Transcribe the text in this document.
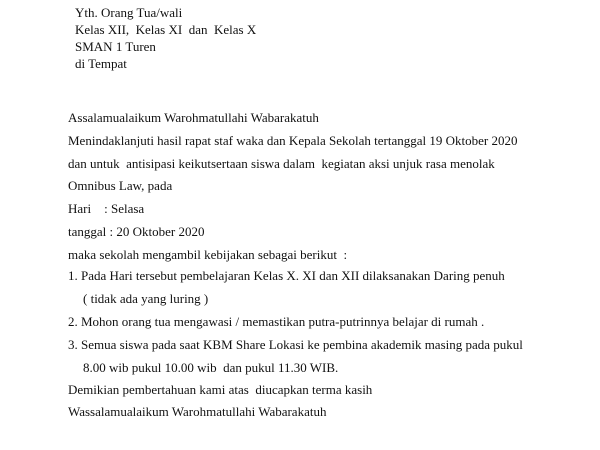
Yth. Orang Tua/wali
Kelas XII,  Kelas XI  dan  Kelas X
SMAN 1 Turen
di Tempat
Assalamualaikum Warohmatullahi Wabarakatuh
Menindaklanjuti hasil rapat staf waka dan Kepala Sekolah tertanggal 19 Oktober 2020
dan untuk  antisipasi keikutsertaan siswa dalam  kegiatan aksi unjuk rasa menolak
Omnibus Law, pada
Hari    : Selasa
tanggal : 20 Oktober 2020
maka sekolah mengambil kebijakan sebagai berikut  :
1. Pada Hari tersebut pembelajaran Kelas X. XI dan XII dilaksanakan Daring penuh
( tidak ada yang luring )
2. Mohon orang tua mengawasi / memastikan putra-putrinnya belajar di rumah .
3. Semua siswa pada saat KBM Share Lokasi ke pembina akademik masing pada pukul
8.00 wib pukul 10.00 wib  dan pukul 11.30 WIB.
Demikian pembertahuan kami atas  diucapkan terma kasih
Wassalamualaikum Warohmatullahi Wabarakatuh
